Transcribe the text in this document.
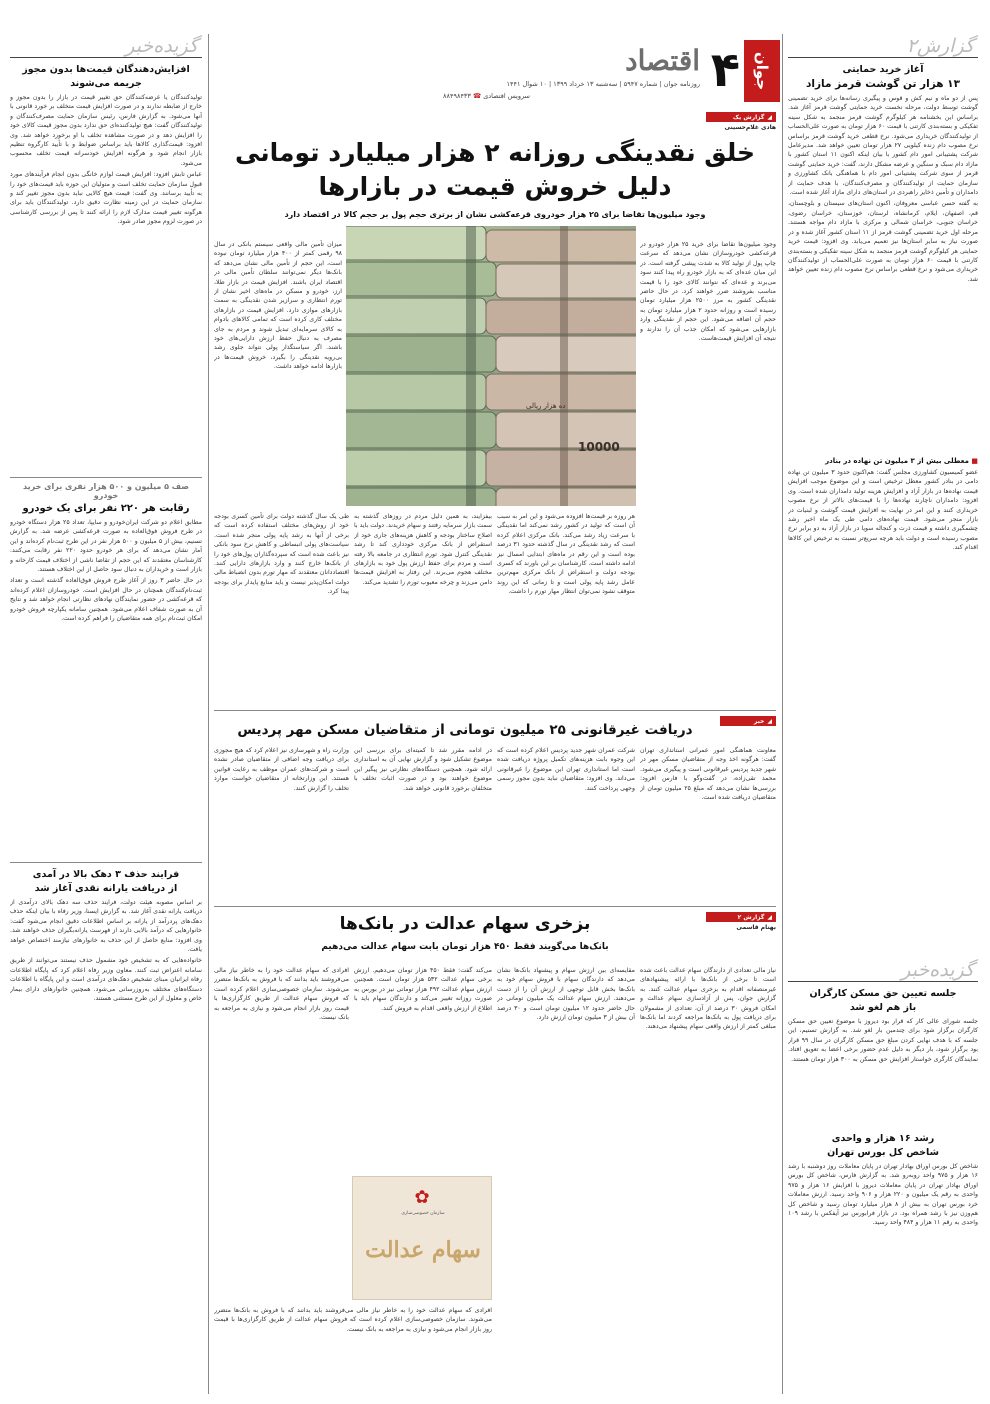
جوان
۴
اقتصاد
روزنامه جوان | شماره ۵۹۴۷ | سه‌شنبه ۱۳ خرداد ۱۳۹۹ | ۱۰ شوال ۱۴۴۱
سرویس اقتصادی ☎ ۸۸۴۹۸۴۳۳
گزارش۲
آغاز خرید حمایتی
۱۳ هزار تن گوشت قرمز مازاد

پس از دو ماه و نیم کش و قوس و پیگیری رسانه‌ها برای خرید تضمینی گوشت توسط دولت، مرحله نخست خرید حمایتی گوشت قرمز آغاز شد. براساس این بخشنامه هر کیلوگرم گوشت قرمز منجمد به شکل سینه تفکیکی و بسته‌بندی کارتنی با قیمت ۶۰ هزار تومان به صورت علی‌الحساب از تولیدکنندگان خریداری می‌شود. نرخ قطعی خرید گوشت قرمز براساس نرخ مصوب دام زنده کیلویی ۲۷ هزار تومان تعیین خواهد شد. مدیرعامل شرکت پشتیبانی امور دام کشور با بیان اینکه اکنون ۱۱ استان کشور با مازاد دام سبک و سنگین و عرضه مشکل دارند، گفت: خرید حمایتی گوشت قرمز از سوی شرکت پشتیبانی امور دام با هماهنگی بانک کشاورزی و سازمان حمایت از تولیدکنندگان و مصرف‌کنندگان، با هدف حمایت از دامداران و تأمین ذخایر راهبردی در استان‌های دارای مازاد آغاز شده است.

به گفته حسن عباسی معروفان، اکنون استان‌های سیستان و بلوچستان، قم، اصفهان، ایلام، کرمانشاه، لرستان، خوزستان، خراسان رضوی، خراسان جنوبی، خراسان شمالی و مرکزی با مازاد دام مواجه هستند. مرحله اول خرید تضمینی گوشت قرمز از ۱۱ استان کشور آغاز شده و در صورت نیاز به سایر استان‌ها نیز تعمیم می‌یابد. وی افزود: قیمت خرید حمایتی هر کیلوگرم گوشت قرمز منجمد به شکل سینه تفکیکی و بسته‌بندی کارتنی با قیمت ۶۰ هزار تومان به صورت علی‌الحساب از تولیدکنندگان خریداری می‌شود و نرخ قطعی براساس نرخ مصوب دام زنده تعیین خواهد شد.

■ معطلی بیش از ۳ میلیون تن نهاده در بنادر

عضو کمیسیون کشاورزی مجلس گفت: هم‌اکنون حدود ۳ میلیون تن نهاده دامی در بنادر کشور معطل ترخیص است و این موضوع موجب افزایش قیمت نهاده‌ها در بازار آزاد و افزایش هزینه تولید دامداران شده است. وی افزود: دامداران ناچارند نهاده‌ها را با قیمت‌های بالاتر از نرخ مصوب خریداری کنند و این امر در نهایت به افزایش قیمت گوشت و لبنیات در بازار منجر می‌شود. قیمت نهاده‌های دامی طی یک ماه اخیر رشد چشمگیری داشته و قیمت ذرت و کنجاله سویا در بازار آزاد به دو برابر نرخ مصوب رسیده است و دولت باید هرچه سریع‌تر نسبت به ترخیص این کالاها اقدام کند.

گزیده‌خبر
جلسه تعیین حق مسکن کارگران
باز هم لغو شد

جلسه شورای عالی کار که قرار بود دیروز با موضوع تعیین حق مسکن کارگران برگزار شود برای چندمین بار لغو شد. به گزارش تسنیم، این جلسه که با هدف نهایی کردن مبلغ حق مسکن کارگران در سال ۹۹ قرار بود برگزار شود، بار دیگر به دلیل عدم حضور برخی اعضا به تعویق افتاد. نمایندگان کارگری خواستار افزایش حق مسکن به ۳۰۰ هزار تومان هستند.

رشد ۱۶ هزار و واحدی
شاخص کل بورس تهران

شاخص کل بورس اوراق بهادار تهران در پایان معاملات روز دوشنبه با رشد ۱۶ هزار و ۹۷۵ واحد روبه‌رو شد. به گزارش فارس، شاخص کل بورس اوراق بهادار تهران در پایان معاملات دیروز با افزایش ۱۶ هزار و ۹۷۵ واحدی به رقم یک میلیون و ۲۲۰ هزار و ۹۰۶ واحد رسید. ارزش معاملات خرد بورس تهران به بیش از ۸ هزار میلیارد تومان رسید و شاخص کل هم‌وزن نیز با رشد همراه بود. در بازار فرابورس نیز آیفکس با رشد ۱۰۹ واحدی به رقم ۱۱ هزار و ۴۸۴ واحد رسید.

گزیده‌خبر
افزایش‌دهندگان قیمت‌ها بدون مجوز
جریمه می‌شوند

تولیدکنندگان یا عرضه‌کنندگان حق تغییر قیمت در بازار را بدون مجوز و خارج از ضابطه ندارند و در صورت افزایش قیمت متخلف بر خورد قانونی با آنها می‌شود. به گزارش فارس، رئیس سازمان حمایت مصرف‌کنندگان و تولیدکنندگان گفت: هیچ تولیدکننده‌ای حق ندارد بدون مجوز قیمت کالای خود را افزایش دهد و در صورت مشاهده تخلف با او برخورد خواهد شد. وی افزود: قیمت‌گذاری کالاها باید براساس ضوابط و با تأیید کارگروه تنظیم بازار انجام شود و هرگونه افزایش خودسرانه قیمت تخلف محسوب می‌شود.

عباس تابش افزود: افزایش قیمت لوازم خانگی بدون انجام فرآیندهای مورد قبول سازمان حمایت تخلف است و متولیان این حوزه باید قیمت‌های خود را به تأیید برسانند. وی گفت: قیمت هیچ کالایی نباید بدون مجوز تغییر کند و سازمان حمایت در این زمینه نظارت دقیق دارد. تولیدکنندگان باید برای هرگونه تغییر قیمت مدارک لازم را ارائه کنند تا پس از بررسی کارشناسی در صورت لزوم مجوز صادر شود.

صف ۵ میلیون و ۵۰۰ هزار نفری برای خرید خودرو
رقابت هر ۲۲۰ نفر برای یک خودرو

مطابق اعلام دو شرکت ایران‌خودرو و سایپا، تعداد ۲۵ هزار دستگاه خودرو در طرح فروش فوق‌العاده به صورت قرعه‌کشی عرضه شد. به گزارش تسنیم، بیش از ۵ میلیون و ۵۰۰ هزار نفر در این طرح ثبت‌نام کرده‌اند و این آمار نشان می‌دهد که برای هر خودرو حدود ۲۲۰ نفر رقابت می‌کنند. کارشناسان معتقدند که این حجم از تقاضا ناشی از اختلاف قیمت کارخانه و بازار است و خریداران به دنبال سود حاصل از این اختلاف هستند.

در حال حاضر ۳ روز از آغاز طرح فروش فوق‌العاده گذشته است و تعداد ثبت‌نام‌کنندگان همچنان در حال افزایش است. خودروسازان اعلام کرده‌اند که قرعه‌کشی در حضور نمایندگان نهادهای نظارتی انجام خواهد شد و نتایج آن به صورت شفاف اعلام می‌شود. همچنین سامانه یکپارچه فروش خودرو امکان ثبت‌نام برای همه متقاضیان را فراهم کرده است.

فرایند حذف ۳ دهک بالا در آمدی
از دریافت یارانه نقدی آغاز شد

بر اساس مصوبه هیئت دولت، فرایند حذف سه دهک بالای درآمدی از دریافت یارانه نقدی آغاز شد. به گزارش ایسنا، وزیر رفاه با بیان اینکه حذف دهک‌های پردرآمد از یارانه بر اساس اطلاعات دقیق انجام می‌شود گفت: خانوارهایی که درآمد بالایی دارند از فهرست یارانه‌بگیران حذف خواهند شد. وی افزود: منابع حاصل از این حذف به خانوارهای نیازمند اختصاص خواهد یافت.

خانواده‌هایی که به تشخیص خود مشمول حذف نیستند می‌توانند از طریق سامانه اعتراض ثبت کنند. معاون وزیر رفاه اعلام کرد که پایگاه اطلاعات رفاه ایرانیان مبنای تشخیص دهک‌های درآمدی است و این پایگاه با اطلاعات دستگاه‌های مختلف به‌روزرسانی می‌شود. همچنین خانوارهای دارای بیمار خاص و معلول از این طرح مستثنی هستند.

◢
گزارش یک
هادی غلام‌حسینی
خلق نقدینگی روزانه ۲ هزار میلیارد تومانی
دلیل خروش قیمت در بازارها
وجود میلیون‌ها تقاضا برای ۲۵ هزار خودروی قرعه‌کشی نشان از برتری حجم پول بر حجم کالا در اقتصاد دارد
ده هزار ریالی
10000

میزان تأمین مالی واقعی سیستم بانکی در سال ۹۸ رقمی کمتر از ۴۰۰ هزار میلیارد تومان نبوده است، این حجم از تأمین مالی نشان می‌دهد که بانک‌ها دیگر نمی‌توانند سلطان تأمین مالی در اقتصاد ایران باشند. افزایش قیمت در بازار طلا، ارز، خودرو و مسکن در ماه‌های اخیر نشان از تورم انتظاری و سرازیر شدن نقدینگی به سمت بازارهای موازی دارد. افزایش قیمت در بازارهای مختلف کاری کرده است که تمامی کالاهای بادوام به کالای سرمایه‌ای تبدیل شوند و مردم به جای مصرف به دنبال حفظ ارزش دارایی‌های خود باشند. اگر سیاستگذار پولی نتواند جلوی رشد بی‌رویه نقدینگی را بگیرد، خروش قیمت‌ها در بازارها ادامه خواهد داشت.

وجود میلیون‌ها تقاضا برای خرید ۲۵ هزار خودرو در قرعه‌کشی خودروسازان نشان می‌دهد که سرعت چاپ پول از تولید کالا به شدت پیشی گرفته است. در این میان عده‌ای که به بازار خودرو راه پیدا کنند سود می‌برند و عده‌ای که نتوانند کالای خود را با قیمت مناسب بفروشند ضرر خواهند کرد. در حال حاضر نقدینگی کشور به مرز ۲۵۰۰ هزار میلیارد تومان رسیده است و روزانه حدود ۲ هزار میلیارد تومان به حجم آن اضافه می‌شود. این حجم از نقدینگی وارد بازارهایی می‌شود که امکان جذب آن را ندارند و نتیجه آن افزایش قیمت‌هاست.

هر روزه بر قیمت‌ها افزوده می‌شود و این امر به سبب آن است که تولید در کشور رشد نمی‌کند اما نقدینگی با سرعت زیاد رشد می‌کند. بانک مرکزی اعلام کرده است که رشد نقدینگی در سال گذشته حدود ۳۱ درصد بوده است و این رقم در ماه‌های ابتدایی امسال نیز ادامه داشته است. کارشناسان بر این باورند که کسری بودجه دولت و استقراض از بانک مرکزی مهم‌ترین عامل رشد پایه پولی است و تا زمانی که این روند متوقف نشود نمی‌توان انتظار مهار تورم را داشت.

بیفزایند، به همین دلیل مردم در روزهای گذشته به سمت بازار سرمایه رفتند و سهام خریدند. دولت باید با اصلاح ساختار بودجه و کاهش هزینه‌های جاری خود از استقراض از بانک مرکزی خودداری کند تا رشد نقدینگی کنترل شود. تورم انتظاری در جامعه بالا رفته است و مردم برای حفظ ارزش پول خود به بازارهای مختلف هجوم می‌برند. این رفتار به افزایش قیمت‌ها دامن می‌زند و چرخه معیوب تورم را تشدید می‌کند.

طی یک سال گذشته دولت برای تأمین کسری بودجه خود از روش‌های مختلف استفاده کرده است که برخی از آنها به رشد پایه پولی منجر شده است. سیاست‌های پولی انبساطی و کاهش نرخ سود بانکی نیز باعث شده است که سپرده‌گذاران پول‌های خود را از بانک‌ها خارج کنند و وارد بازارهای دارایی کنند. اقتصاددانان معتقدند که مهار تورم بدون انضباط مالی دولت امکان‌پذیر نیست و باید منابع پایدار برای بودجه پیدا کرد.

◢
خبر
دریافت غیرقانونی ۲۵ میلیون تومانی از متقاضیان مسکن مهر پردیس

معاونت هماهنگی امور عمرانی استانداری تهران گفت: هرگونه اخذ وجه از متقاضیان مسکن مهر در شهر جدید پردیس غیرقانونی است و پیگیری می‌شود. محمد تقی‌زاده، در گفت‌وگو با فارس افزود: بررسی‌ها نشان می‌دهد که مبلغ ۲۵ میلیون تومان از متقاضیان دریافت شده است.

شرکت عمران شهر جدید پردیس اعلام کرده است که این وجوه بابت هزینه‌های تکمیل پروژه دریافت شده است اما استانداری تهران این موضوع را غیرقانونی می‌داند. وی افزود: متقاضیان نباید بدون مجوز رسمی وجهی پرداخت کنند.

در ادامه مقرر شد تا کمیته‌ای برای بررسی این موضوع تشکیل شود و گزارش نهایی آن به استانداری ارائه شود. همچنین دستگاه‌های نظارتی نیز پیگیر این موضوع خواهند بود و در صورت اثبات تخلف با متخلفان برخورد قانونی خواهد شد.

وزارت راه و شهرسازی نیز اعلام کرد که هیچ مجوزی برای دریافت وجه اضافی از متقاضیان صادر نشده است و شرکت‌های عمران موظف به رعایت قوانین هستند. این وزارتخانه از متقاضیان خواست موارد تخلف را گزارش کنند.

◢
گزارش ۲
بهنام قاسمی
بزخری سهام عدالت در بانک‌ها
بانک‌ها می‌گویند فقط ۴۵۰ هزار تومان بابت سهام عدالت می‌دهیم

نیاز مالی تعدادی از دارندگان سهام عدالت باعث شده است تا برخی از بانک‌ها با ارائه پیشنهادهای غیرمنصفانه اقدام به بزخری سهام عدالت کنند. به گزارش جوان، پس از آزادسازی سهام عدالت و امکان فروش ۳۰ درصد از آن، تعدادی از مشمولان برای دریافت پول به بانک‌ها مراجعه کردند اما بانک‌ها مبلغی کمتر از ارزش واقعی سهام پیشنهاد می‌دهند.

مقایسه‌ای بین ارزش سهام و پیشنهاد بانک‌ها نشان می‌دهد که دارندگان سهام با فروش سهام خود به بانک‌ها بخش قابل توجهی از ارزش آن را از دست می‌دهند. ارزش سهام عدالت یک میلیون تومانی در حال حاضر حدود ۱۲ میلیون تومان است و ۳۰ درصد آن بیش از ۳ میلیون تومان ارزش دارد.

می‌کند گفت: فقط ۴۵۰ هزار تومان می‌دهیم. ارزش برخی سهام عدالت ۵۳۲ هزار تومان است. همچنین ارزش سهام عدالت ۴۹۲ هزار تومانی نیز در بورس به صورت روزانه تغییر می‌کند و دارندگان سهام باید با اطلاع از ارزش واقعی اقدام به فروش کنند.

افرادی که سهام عدالت خود را به خاطر نیاز مالی می‌فروشند باید بدانند که با فروش به بانک‌ها متضرر می‌شوند. سازمان خصوصی‌سازی اعلام کرده است که فروش سهام عدالت از طریق کارگزاری‌ها با قیمت روز بازار انجام می‌شود و نیازی به مراجعه به بانک نیست.

✿
سازمان خصوصی‌سازی
سهام عدالت

افرادی که سهام عدالت خود را به خاطر نیاز مالی می‌فروشند باید بدانند که با فروش به بانک‌ها متضرر می‌شوند. سازمان خصوصی‌سازی اعلام کرده است که فروش سهام عدالت از طریق کارگزاری‌ها با قیمت روز بازار انجام می‌شود و نیازی به مراجعه به بانک نیست.
